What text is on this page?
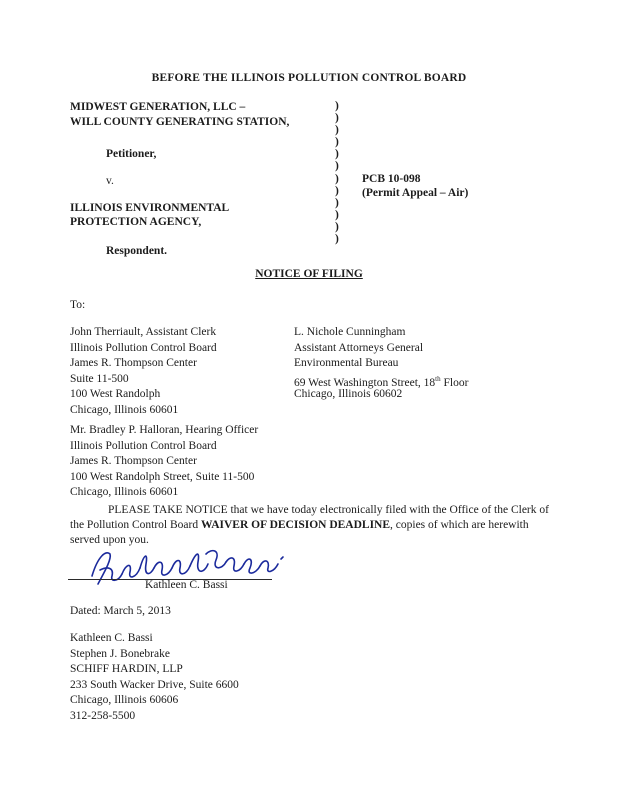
BEFORE THE ILLINOIS POLLUTION CONTROL BOARD
MIDWEST GENERATION, LLC –
WILL COUNTY GENERATING STATION,
Petitioner,
v.
ILLINOIS ENVIRONMENTAL
PROTECTION AGENCY,
Respondent.
)
)
)
)
)
)
)
)
)
)
)
)
PCB 10-098
(Permit Appeal – Air)
NOTICE OF FILING
To:
John Therriault, Assistant Clerk
Illinois Pollution Control Board
James R. Thompson Center
Suite 11-500
100 West Randolph
Chicago, Illinois 60601
L. Nichole Cunningham
Assistant Attorneys General
Environmental Bureau
69 West Washington Street, 18th Floor
Chicago, Illinois 60602
Mr. Bradley P. Halloran, Hearing Officer
Illinois Pollution Control Board
James R. Thompson Center
100 West Randolph Street, Suite 11-500
Chicago, Illinois 60601
PLEASE TAKE NOTICE that we have today electronically filed with the Office of the Clerk of the Pollution Control Board WAIVER OF DECISION DEADLINE, copies of which are herewith served upon you.
Kathleen C. Bassi
Dated: March 5, 2013
Kathleen C. Bassi
Stephen J. Bonebrake
SCHIFF HARDIN, LLP
233 South Wacker Drive, Suite 6600
Chicago, Illinois 60606
312-258-5500
